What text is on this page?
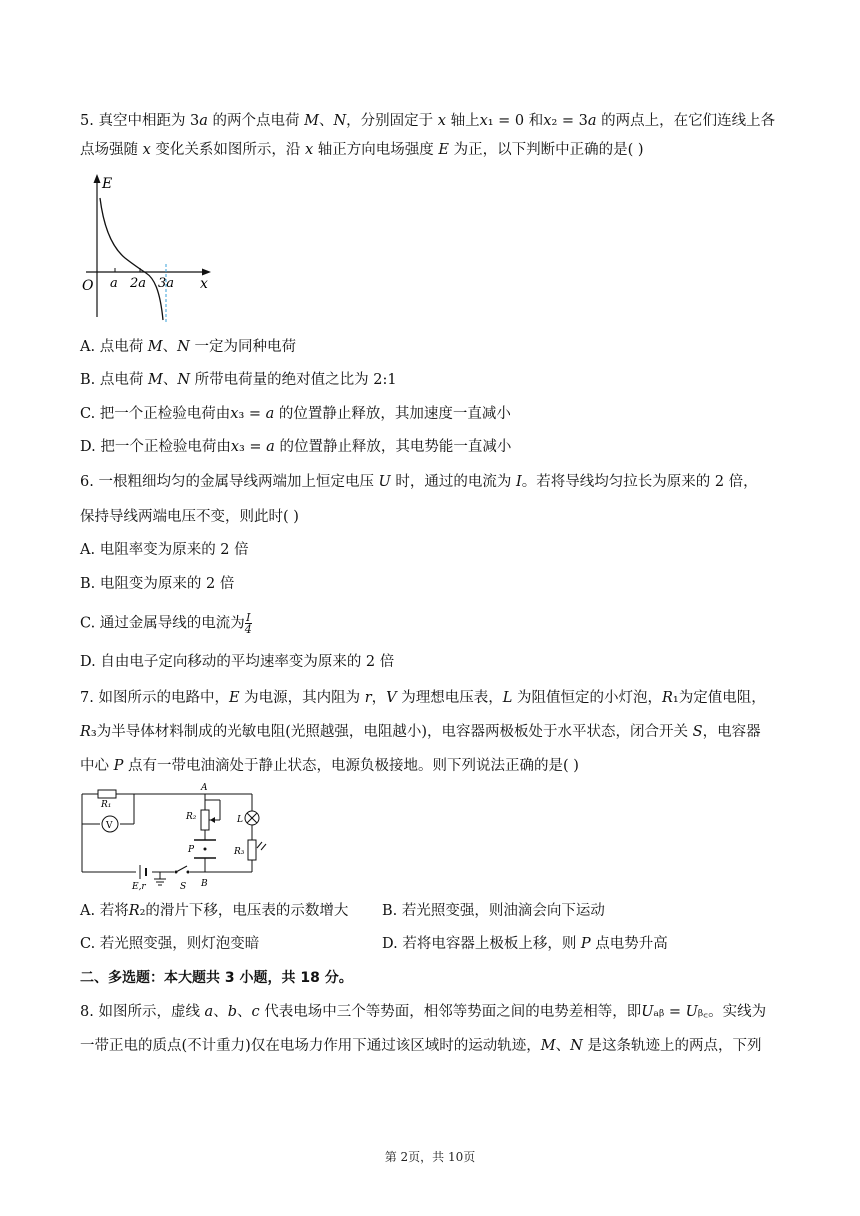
5. 真空中相距为 3𝑎 的两个点电荷 𝑀、𝑁，分别固定于 𝑥 轴上𝑥₁ = 0 和𝑥₂ = 3𝑎 的两点上，在它们连线上各
点场强随 𝑥 变化关系如图所示，沿 𝑥 轴正方向电场强度 𝐸 为正，以下判断中正确的是( )
E
x
O a 2a 3a
A. 点电荷 𝑀、𝑁 一定为同种电荷
B. 点电荷 𝑀、𝑁 所带电荷量的绝对值之比为 2:1
C. 把一个正检验电荷由𝑥₃ = 𝑎 的位置静止释放，其加速度一直减小
D. 把一个正检验电荷由𝑥₃ = 𝑎 的位置静止释放，其电势能一直减小
6. 一根粗细均匀的金属导线两端加上恒定电压 𝑈 时，通过的电流为 𝐼。若将导线均匀拉长为原来的 2 倍，
保持导线两端电压不变，则此时( )
A. 电阻率变为原来的 2 倍
B. 电阻变为原来的 2 倍
C. 通过金属导线的电流为$\frac{I}{4}$
D. 自由电子定向移动的平均速率变为原来的 2 倍
7. 如图所示的电路中，𝐸 为电源，其内阻为 𝑟，𝑉 为理想电压表，𝐿 为阻值恒定的小灯泡，𝑅₁为定值电阻，
𝑅₃为半导体材料制成的光敏电阻(光照越强，电阻越小)，电容器两极板处于水平状态，闭合开关 𝑆，电容器
中心 𝑃 点有一带电油滴处于静止状态，电源负极接地。则下列说法正确的是( )
R₁
V
A
R₂
P
L
R₃
E,r	S B
A. 若将𝑅₂的滑片下移，电压表的示数增大 B. 若光照变强，则油滴会向下运动
C. 若光照变强，则灯泡变暗	D. 若将电容器上极板上移，则 𝑃 点电势升高
二、多选题：本大题共 3 小题，共 18 分。
8. 如图所示，虚线 𝑎、𝑏、𝑐 代表电场中三个等势面，相邻等势面之间的电势差相等，即𝑈ₐᵦ = 𝑈ᵦ꜀。实线为
一带正电的质点(不计重力)仅在电场力作用下通过该区域时的运动轨迹，𝑀、𝑁 是这条轨迹上的两点，下列
第 2页，共 10页
